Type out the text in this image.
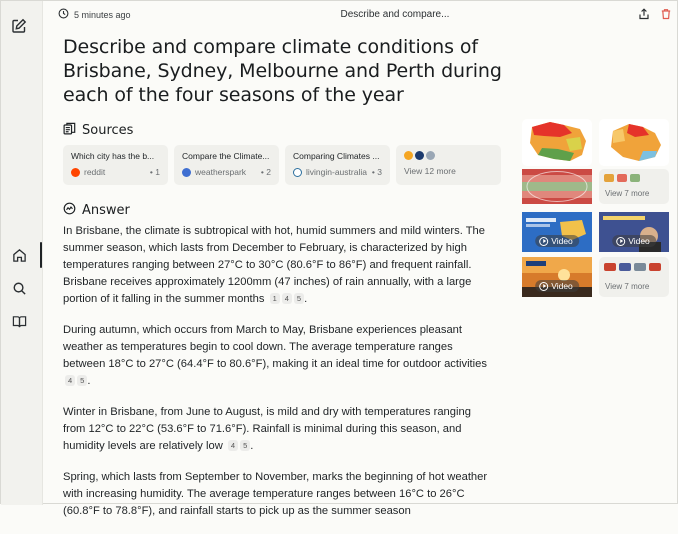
5 minutes ago	Describe and compare...
Describe and compare climate conditions of Brisbane, Sydney, Melbourne and Perth during each of the four seasons of the year
Sources
Which city has the b...
reddit	• 1
Compare the Climate...
weatherspark • 2
Comparing Climates ...
livingin-australia • 3	View 12 more
Answer

In Brisbane, the climate is subtropical with hot, humid summers and mild winters. The summer season, which lasts from December to February, is characterized by high temperatures ranging between 27°C to 30°C (80.6°F to 86°F) and frequent rainfall. Brisbane receives approximately 1200mm (47 inches) of rain annually, with a large portion of it falling in the summer months 1 4 5 .

During autumn, which occurs from March to May, Brisbane experiences pleasant weather as temperatures begin to cool down. The average temperature ranges between 18°C to 27°C (64.4°F to 80.6°F), making it an ideal time for outdoor activities 4 5 .

Winter in Brisbane, from June to August, is mild and dry with temperatures ranging from 12°C to 22°C (53.6°F to 71.6°F). Rainfall is minimal during this season, and humidity levels are relatively low 4 5 .

Spring, which lasts from September to November, marks the beginning of hot weather with increasing humidity. The average temperature ranges between 16°C to 26°C (60.8°F to 78.8°F), and rainfall starts to pick up as the summer season

View 7 more
Video	Video
Video	View 7 more
